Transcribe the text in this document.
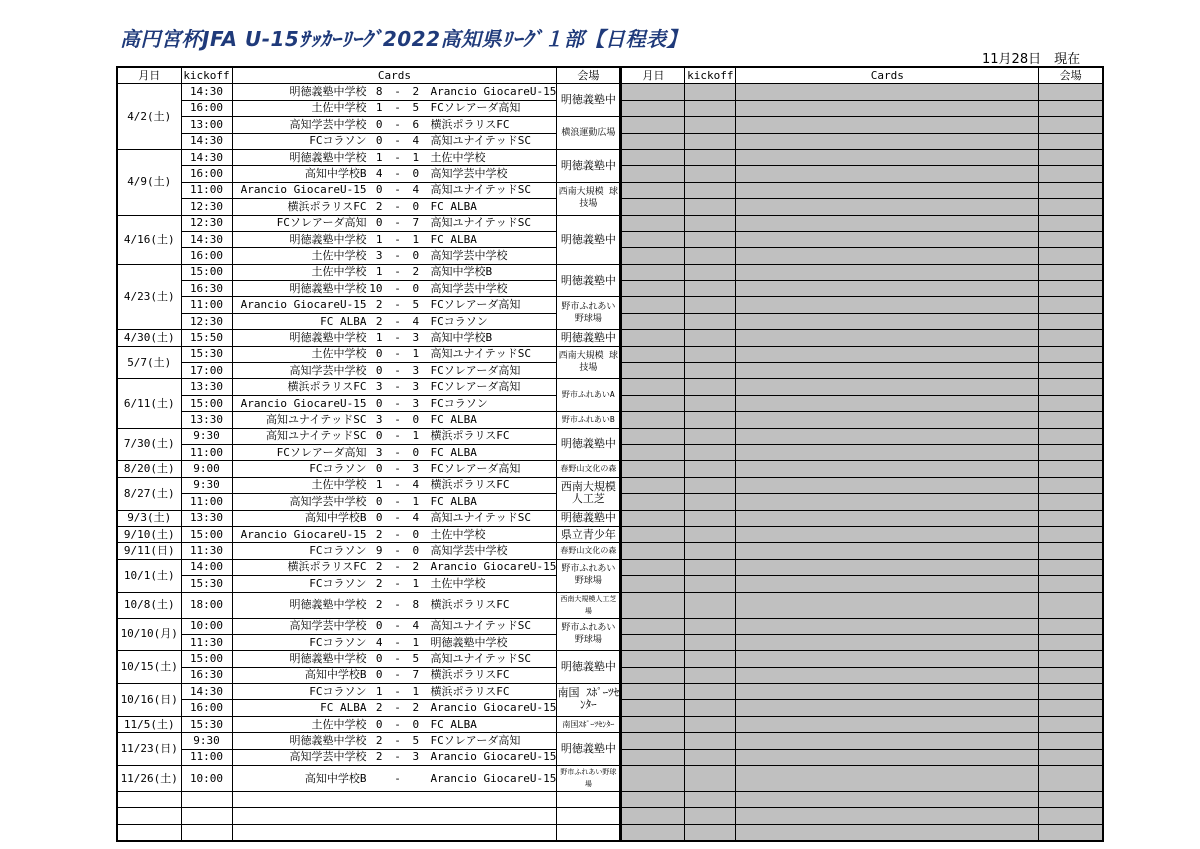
高円宮杯JFA U-15ｻｯｶｰﾘｰｸﾞ2022高知県ﾘｰｸﾞ１部【日程表】
11月28日　現在
月日	kickoff	Cards	会場	月日	kickoff	Cards	会場
4/2(土)	14:30	明徳義塾中学校 8 - 2 Arancio GiocareU-15	明徳義塾中				
	16:00	土佐中学校 1 - 5 FCソレアーダ高知					

	13:00	高知学芸中学校 0 - 6 横浜ポラリスFC	横浪運動広場				
	14:30	FCコラソン 0 - 4 高知ユナイテッドSC					

4/9(土)	14:30	明徳義塾中学校 1 - 1 土佐中学校	明徳義塾中				
	16:00	高知中学校B 4 - 0 高知学芸中学校					

	11:00	Arancio GiocareU-15 0 - 4 高知ユナイテッドSC	西南大規模 球技場				
	12:30	横浜ポラリスFC 2 - 0 FC ALBA					

4/16(土)	12:30	FCソレアーダ高知 0 - 7 高知ユナイテッドSC	明徳義塾中				
	14:30	明徳義塾中学校 1 - 1 FC ALBA					

	16:00	土佐中学校 3 - 0 高知学芸中学校					

4/23(土)	15:00	土佐中学校 1 - 2 高知中学校B	明徳義塾中				
	16:30	明徳義塾中学校 10 - 0 高知学芸中学校					

	11:00	Arancio GiocareU-15 2 - 5 FCソレアーダ高知	野市ふれあい 野球場				
	12:30	FC ALBA 2 - 4 FCコラソン					

4/30(土)	15:50	明徳義塾中学校 1 - 3 高知中学校B	明徳義塾中				
5/7(土)	15:30	土佐中学校 0 - 1 高知ユナイテッドSC	西南大規模 球技場				
	17:00	高知学芸中学校 0 - 3 FCソレアーダ高知					

6/11(土)	13:30	横浜ポラリスFC 3 - 3 FCソレアーダ高知	野市ふれあいA				
	15:00	Arancio GiocareU-15 0 - 3 FCコラソン					

	13:30	高知ユナイテッドSC 3 - 0 FC ALBA	野市ふれあいB				
7/30(土)	9:30	高知ユナイテッドSC 0 - 1 横浜ポラリスFC	明徳義塾中				
	11:00	FCソレアーダ高知 3 - 0 FC ALBA					

8/20(土)	9:00	FCコラソン 0 - 3 FCソレアーダ高知	春野山文化の森				
8/27(土)	9:30	土佐中学校 1 - 4 横浜ポラリスFC	西南大規模 人工芝				
	11:00	高知学芸中学校 0 - 1 FC ALBA					

9/3(土)	13:30	高知中学校B 0 - 4 高知ユナイテッドSC	明徳義塾中				
9/10(土)	15:00	Arancio GiocareU-15 2 - 0 土佐中学校	県立青少年				
9/11(日)	11:30	FCコラソン 9 - 0 高知学芸中学校	春野山文化の森				
10/1(土)	14:00	横浜ポラリスFC 2 - 2 Arancio GiocareU-15	野市ふれあい 野球場				
	15:30	FCコラソン 2 - 1 土佐中学校					

10/8(土)	18:00	明徳義塾中学校 2 - 8 横浜ポラリスFC	西南大規模人工芝場				
10/10(月)	10:00	高知学芸中学校 0 - 4 高知ユナイテッドSC	野市ふれあい 野球場				
	11:30	FCコラソン 4 - 1 明徳義塾中学校					

10/15(土)	15:00	明徳義塾中学校 0 - 5 高知ユナイテッドSC	明徳義塾中				
	16:30	高知中学校B 0 - 7 横浜ポラリスFC					

10/16(日)	14:30	FCコラソン 1 - 1 横浜ポラリスFC	南国 ｽﾎﾟｰﾂｾﾝﾀｰ				
	16:00	FC ALBA 2 - 2 Arancio GiocareU-15					

11/5(土)	15:30	土佐中学校 0 - 0 FC ALBA	南国ｽﾎﾟｰﾂｾﾝﾀｰ				
11/23(日)	9:30	明徳義塾中学校 2 - 5 FCソレアーダ高知	明徳義塾中				
	11:00	高知学芸中学校 2 - 3 Arancio GiocareU-15					

11/26(土)	10:00	高知中学校B - Arancio GiocareU-15	野市ふれあい野球場				
